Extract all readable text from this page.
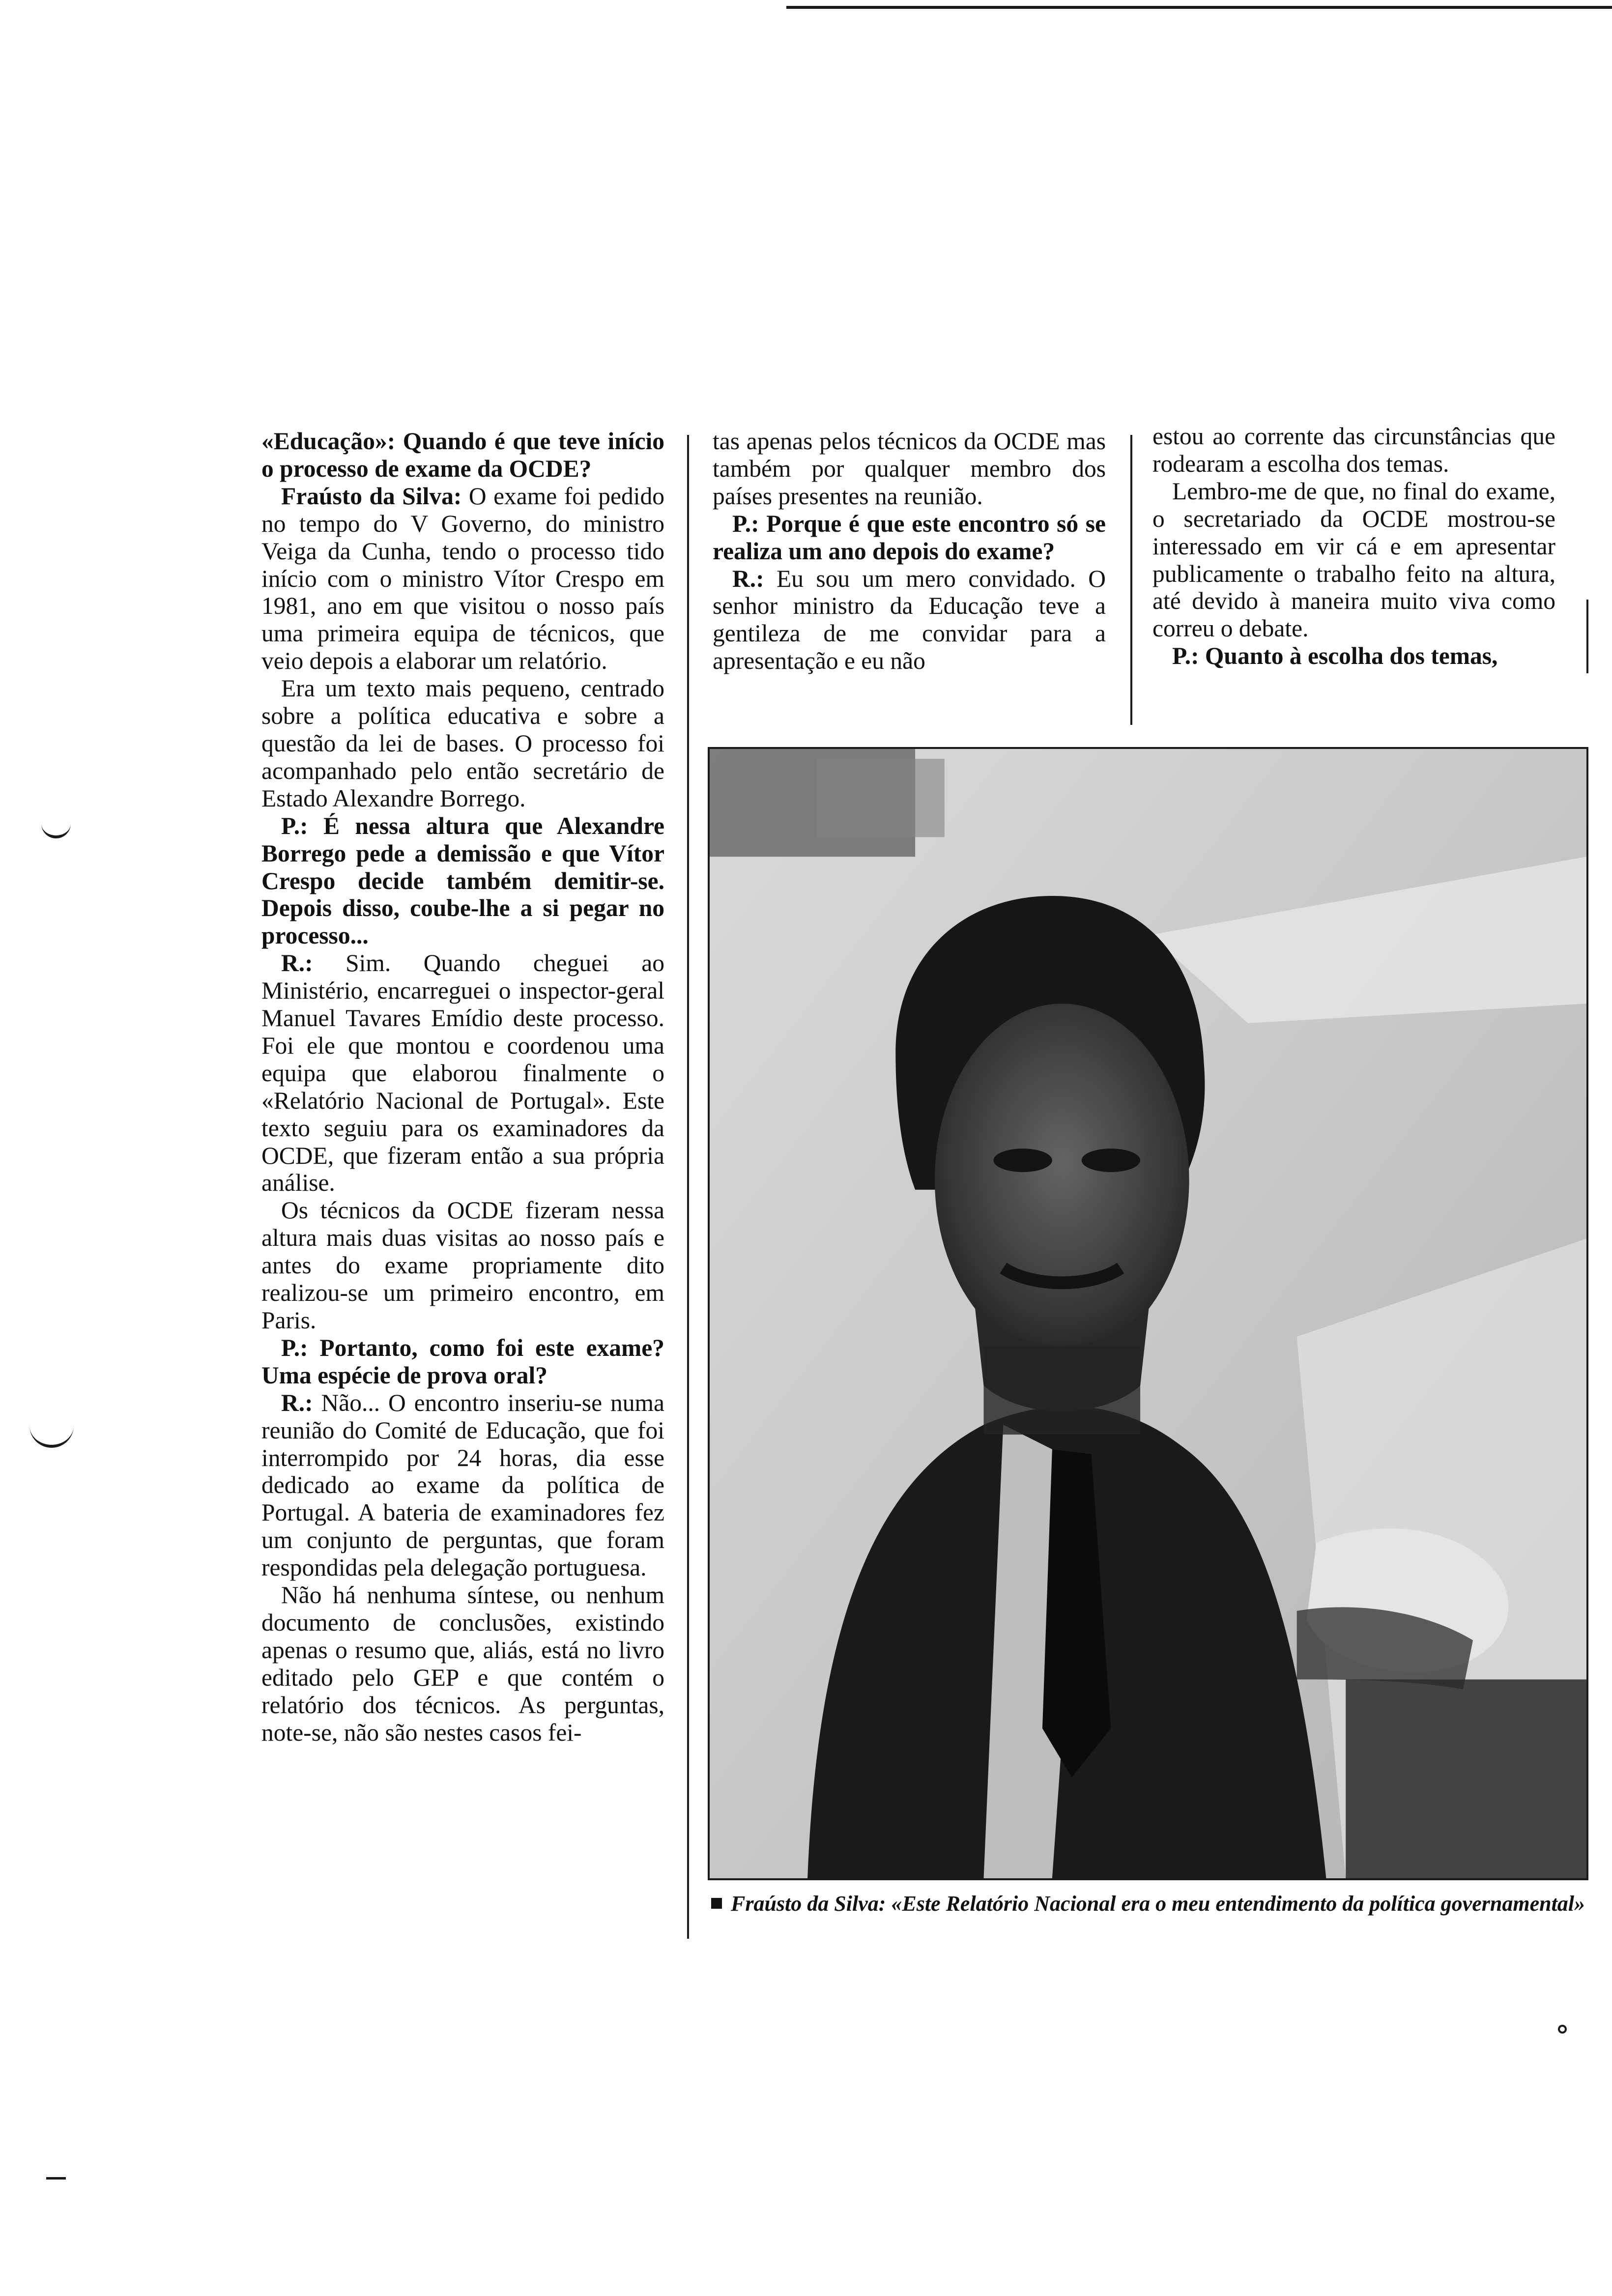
«Educação»: Quando é que teve início o processo de exame da OCDE?

Fraústo da Silva: O exame foi pedido no tempo do V Governo, do ministro Veiga da Cunha, tendo o processo tido início com o ministro Vítor Crespo em 1981, ano em que visitou o nosso país uma primeira equipa de técnicos, que veio depois a elaborar um relatório.

Era um texto mais pequeno, centrado sobre a política educativa e sobre a questão da lei de bases. O processo foi acompanhado pelo então secretário de Estado Alexandre Borrego.

P.: É nessa altura que Alexandre Borrego pede a demissão e que Vítor Crespo decide também demitir-se. Depois disso, coube-lhe a si pegar no processo...

R.: Sim. Quando cheguei ao Ministério, encarreguei o inspector-geral Manuel Tavares Emídio deste processo. Foi ele que montou e coordenou uma equipa que elaborou finalmente o «Relatório Nacional de Portugal». Este texto seguiu para os examinadores da OCDE, que fizeram então a sua própria análise.

Os técnicos da OCDE fizeram nessa altura mais duas visitas ao nosso país e antes do exame propriamente dito realizou-se um primeiro encontro, em Paris.

P.: Portanto, como foi este exame? Uma espécie de prova oral?

R.: Não... O encontro inseriu-se numa reunião do Comité de Educação, que foi interrompido por 24 horas, dia esse dedicado ao exame da política de Portugal. A bateria de examinadores fez um conjunto de perguntas, que foram respondidas pela delegação portuguesa.

Não há nenhuma síntese, ou nenhum documento de conclusões, existindo apenas o resumo que, aliás, está no livro editado pelo GEP e que contém o relatório dos técnicos. As perguntas, note-se, não são nestes casos fei-

tas apenas pelos técnicos da OCDE mas também por qualquer membro dos países presentes na reunião.

P.: Porque é que este encontro só se realiza um ano depois do exame?

R.: Eu sou um mero convidado. O senhor ministro da Educação teve a gentileza de me convidar para a apresentação e eu não

estou ao corrente das circunstâncias que rodearam a escolha dos temas.

Lembro-me de que, no final do exame, o secretariado da OCDE mostrou-se interessado em vir cá e em apresentar publicamente o trabalho feito na altura, até devido à maneira muito viva como correu o debate.

P.: Quanto à escolha dos temas,

Fraústo da Silva: «Este Relatório Nacional era o meu entendimento da política governamental»
